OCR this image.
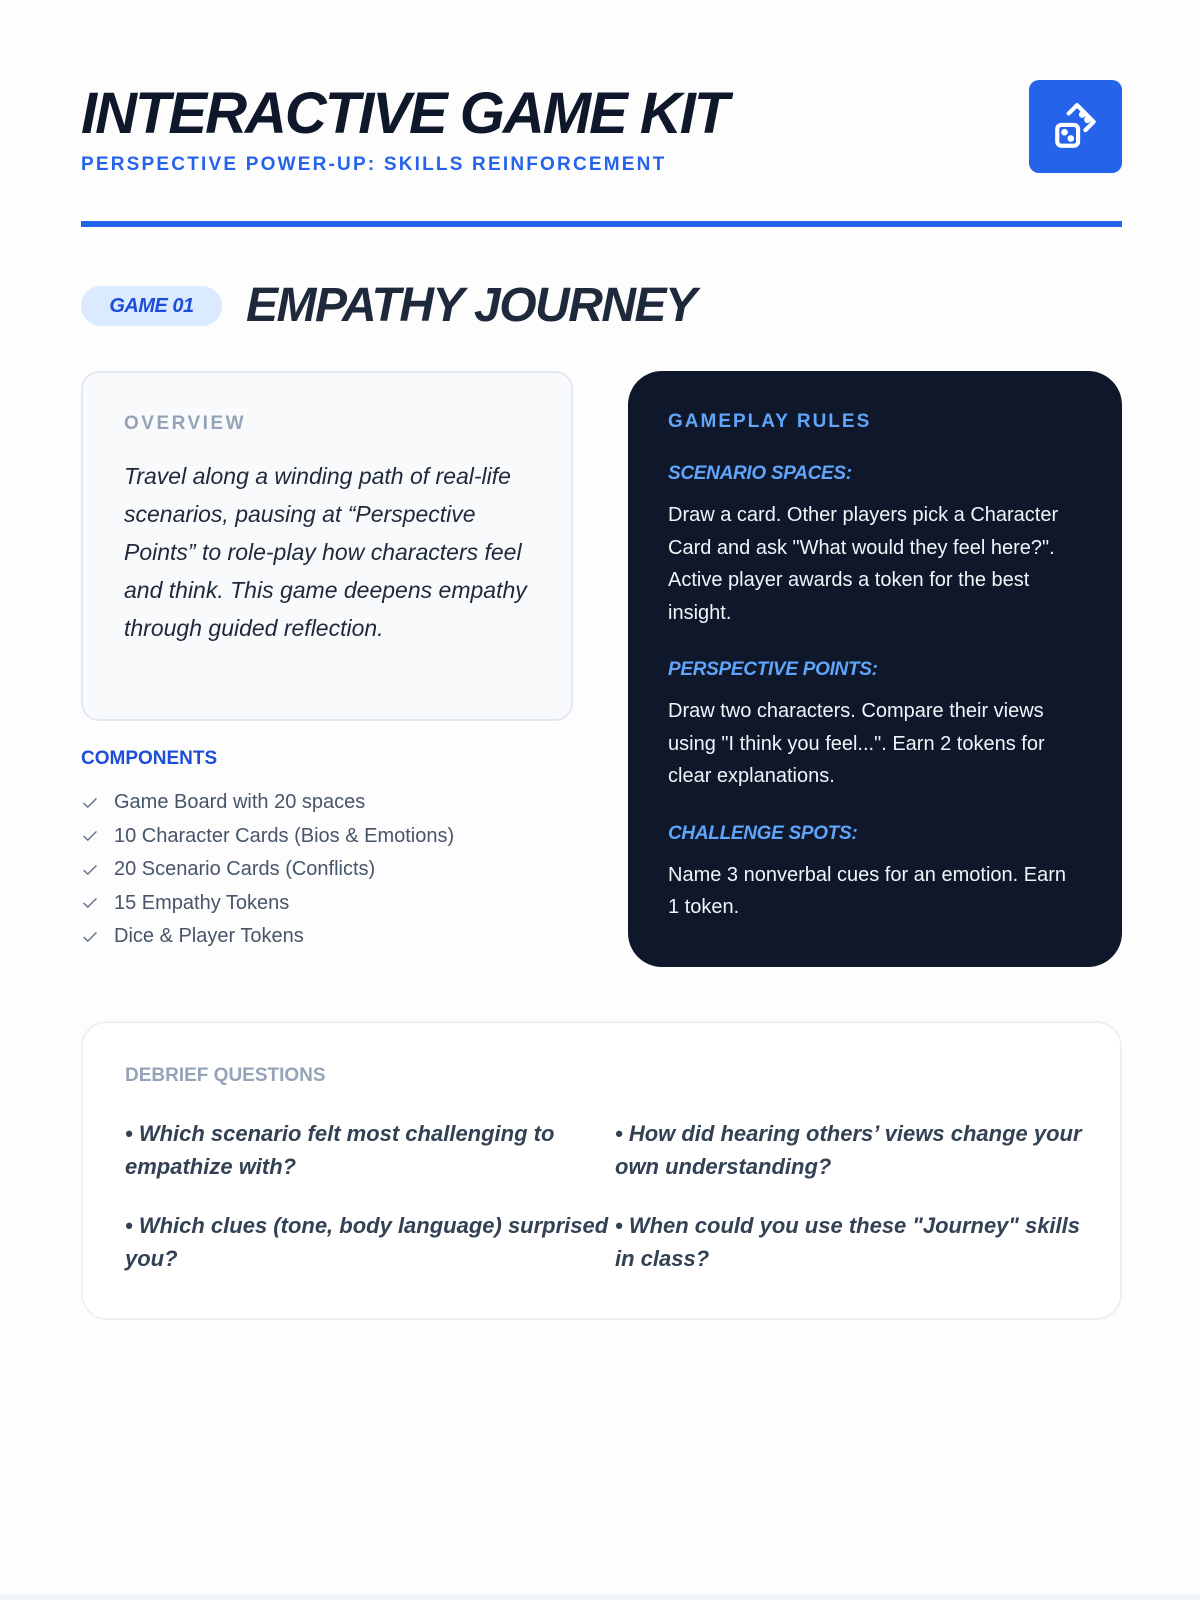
INTERACTIVE GAME KIT
PERSPECTIVE POWER-UP: SKILLS REINFORCEMENT
GAME 01	EMPATHY JOURNEY
OVERVIEW
Travel along a winding path of real-life scenarios, pausing at “Perspective Points” to role-play how characters feel and think. This game deepens empathy through guided reflection.
COMPONENTS
Game Board with 20 spaces
10 Character Cards (Bios & Emotions)
20 Scenario Cards (Conflicts)
15 Empathy Tokens
Dice & Player Tokens
GAMEPLAY RULES
SCENARIO SPACES:
Draw a card. Other players pick a Character Card and ask "What would they feel here?". Active player awards a token for the best insight.
PERSPECTIVE POINTS:
Draw two characters. Compare their views using "I think you feel...". Earn 2 tokens for clear explanations.
CHALLENGE SPOTS:
Name 3 nonverbal cues for an emotion. Earn 1 token.
DEBRIEF QUESTIONS
• Which scenario felt most challenging to empathize with?
• How did hearing others’ views change your own understanding?
• Which clues (tone, body language) surprised you?
• When could you use these "Journey" skills in class?
